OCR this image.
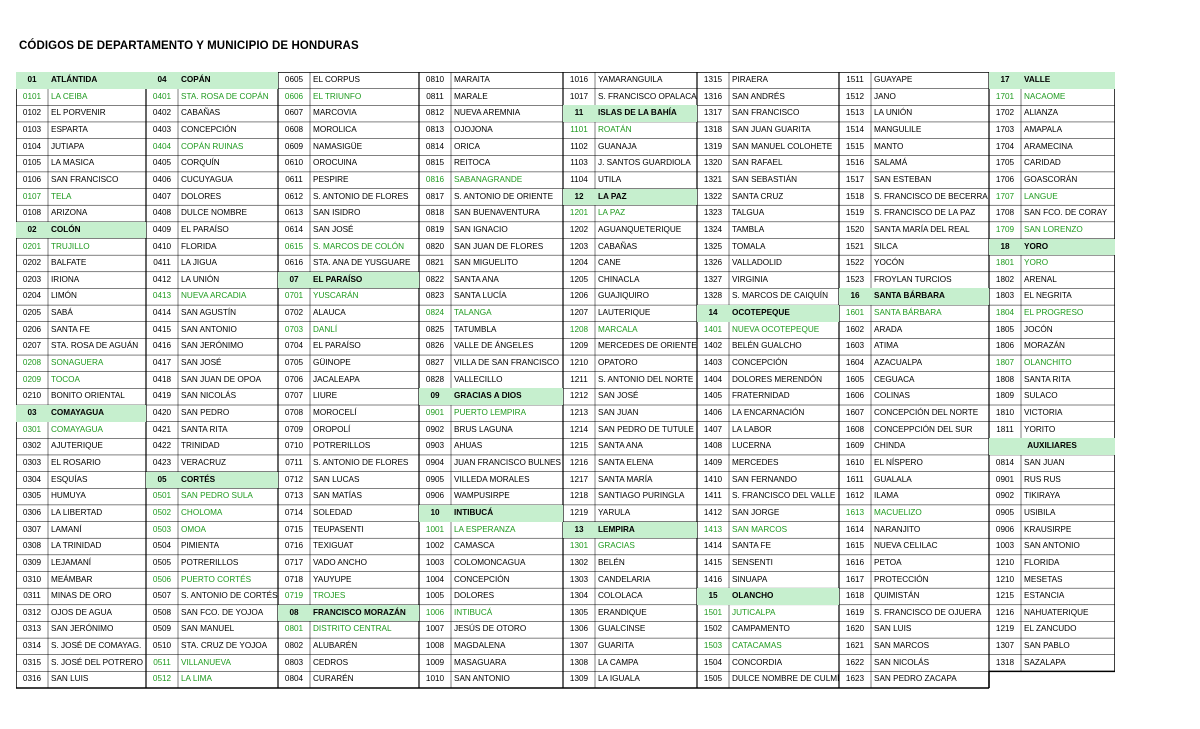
CÓDIGOS DE DEPARTAMENTO Y MUNICIPIO DE HONDURAS
01	ATLÁNTIDA
0101	LA CEIBA
0102	EL PORVENIR
0103	ESPARTA
0104	JUTIAPA
0105	LA MASICA
0106	SAN FRANCISCO
0107	TELA
0108	ARIZONA
02	COLÓN
0201	TRUJILLO
0202	BALFATE
0203	IRIONA
0204	LIMÓN
0205	SABÁ
0206	SANTA FE
0207	STA. ROSA DE AGUÁN
0208	SONAGUERA
0209	TOCOA
0210	BONITO ORIENTAL
03	COMAYAGUA
0301	COMAYAGUA
0302	AJUTERIQUE
0303	EL ROSARIO
0304	ESQUÍAS
0305	HUMUYA
0306	LA LIBERTAD
0307	LAMANÍ
0308	LA TRINIDAD
0309	LEJAMANÍ
0310	MEÁMBAR
0311	MINAS DE ORO
0312	OJOS DE AGUA
0313	SAN JERÓNIMO
0314	S. JOSÉ DE COMAYAG.
0315	S. JOSÉ DEL POTRERO
0316	SAN LUIS
04	COPÁN
0401	STA. ROSA DE COPÁN
0402	CABAÑAS
0403	CONCEPCIÓN
0404	COPÁN RUINAS
0405	CORQUÍN
0406	CUCUYAGUA
0407	DOLORES
0408	DULCE NOMBRE
0409	EL PARAÍSO
0410	FLORIDA
0411	LA JIGUA
0412	LA UNIÓN
0413	NUEVA ARCADIA
0414	SAN AGUSTÍN
0415	SAN ANTONIO
0416	SAN JERÓNIMO
0417	SAN JOSÉ
0418	SAN JUAN DE OPOA
0419	SAN NICOLÁS
0420	SAN PEDRO
0421	SANTA RITA
0422	TRINIDAD
0423	VERACRUZ
05	CORTÉS
0501	SAN PEDRO SULA
0502	CHOLOMA
0503	OMOA
0504	PIMIENTA
0505	POTRERILLOS
0506	PUERTO CORTÉS
0507	S. ANTONIO DE CORTÉS
0508	SAN FCO. DE YOJOA
0509	SAN MANUEL
0510	STA. CRUZ DE YOJOA
0511	VILLANUEVA
0512	LA LIMA
0605	EL CORPUS
0606	EL TRIUNFO
0607	MARCOVIA
0608	MOROLICA
0609	NAMASIGÜE
0610	OROCUINA
0611	PESPIRE
0612	S. ANTONIO DE FLORES
0613	SAN ISIDRO
0614	SAN JOSÉ
0615	S. MARCOS DE COLÓN
0616	STA. ANA DE YUSGUARE
07	EL PARAÍSO
0701	YUSCARÁN
0702	ALAUCA
0703	DANLÍ
0704	EL PARAÍSO
0705	GÜINOPE
0706	JACALEAPA
0707	LIURE
0708	MOROCELÍ
0709	OROPOLÍ
0710	POTRERILLOS
0711	S. ANTONIO DE FLORES
0712	SAN LUCAS
0713	SAN MATÍAS
0714	SOLEDAD
0715	TEUPASENTI
0716	TEXIGUAT
0717	VADO ANCHO
0718	YAUYUPE
0719	TROJES
08	FRANCISCO MORAZÁN
0801	DISTRITO CENTRAL
0802	ALUBARÉN
0803	CEDROS
0804	CURARÉN
0810	MARAITA
0811	MARALE
0812	NUEVA AREMNIA
0813	OJOJONA
0814	ORICA
0815	REITOCA
0816	SABANAGRANDE
0817	S. ANTONIO DE ORIENTE
0818	SAN BUENAVENTURA
0819	SAN IGNACIO
0820	SAN JUAN DE FLORES
0821	SAN MIGUELITO
0822	SANTA ANA
0823	SANTA LUCÍA
0824	TALANGA
0825	TATUMBLA
0826	VALLE DE ÁNGELES
0827	VILLA DE SAN FRANCISCO
0828	VALLECILLO
09	GRACIAS A DIOS
0901	PUERTO LEMPIRA
0902	BRUS LAGUNA
0903	AHUAS
0904	JUAN FRANCISCO BULNES
0905	VILLEDA MORALES
0906	WAMPUSIRPE
10	INTIBUCÁ
1001	LA ESPERANZA
1002	CAMASCA
1003	COLOMONCAGUA
1004	CONCEPCIÓN
1005	DOLORES
1006	INTIBUCÁ
1007	JESÚS DE OTORO
1008	MAGDALENA
1009	MASAGUARA
1010	SAN ANTONIO
1016	YAMARANGUILA
1017	S. FRANCISCO OPALACA
11	ISLAS DE LA BAHÍA
1101	ROATÁN
1102	GUANAJA
1103	J. SANTOS GUARDIOLA
1104	UTILA
12	LA PAZ
1201	LA PAZ
1202	AGUANQUETERIQUE
1203	CABAÑAS
1204	CANE
1205	CHINACLA
1206	GUAJIQUIRO
1207	LAUTERIQUE
1208	MARCALA
1209	MERCEDES DE ORIENTE
1210	OPATORO
1211	S. ANTONIO DEL NORTE
1212	SAN JOSÉ
1213	SAN JUAN
1214	SAN PEDRO DE TUTULE
1215	SANTA ANA
1216	SANTA ELENA
1217	SANTA MARÍA
1218	SANTIAGO PURINGLA
1219	YARULA
13	LEMPIRA
1301	GRACIAS
1302	BELÉN
1303	CANDELARIA
1304	COLOLACA
1305	ERANDIQUE
1306	GUALCINSE
1307	GUARITA
1308	LA CAMPA
1309	LA IGUALA
1315	PIRAERA
1316	SAN ANDRÉS
1317	SAN FRANCISCO
1318	SAN JUAN GUARITA
1319	SAN MANUEL COLOHETE
1320	SAN RAFAEL
1321	SAN SEBASTIÁN
1322	SANTA CRUZ
1323	TALGUA
1324	TAMBLA
1325	TOMALA
1326	VALLADOLID
1327	VIRGINIA
1328	S. MARCOS DE CAIQUÍN
14	OCOTEPEQUE
1401	NUEVA OCOTEPEQUE
1402	BELÉN GUALCHO
1403	CONCEPCIÓN
1404	DOLORES MERENDÓN
1405	FRATERNIDAD
1406	LA ENCARNACIÓN
1407	LA LABOR
1408	LUCERNA
1409	MERCEDES
1410	SAN FERNANDO
1411	S. FRANCISCO DEL VALLE
1412	SAN JORGE
1413	SAN MARCOS
1414	SANTA FE
1415	SENSENTI
1416	SINUAPA
15	OLANCHO
1501	JUTICALPA
1502	CAMPAMENTO
1503	CATACAMAS
1504	CONCORDIA
1505	DULCE NOMBRE DE CULMÍ
1511	GUAYAPE
1512	JANO
1513	LA UNIÓN
1514	MANGULILE
1515	MANTO
1516	SALAMÁ
1517	SAN ESTEBAN
1518	S. FRANCISCO DE BECERRA
1519	S. FRANCISCO DE LA PAZ
1520	SANTA MARÍA DEL REAL
1521	SILCA
1522	YOCÓN
1523	FROYLAN TURCIOS
16	SANTA BÁRBARA
1601	SANTA BÁRBARA
1602	ARADA
1603	ATIMA
1604	AZACUALPA
1605	CEGUACA
1606	COLINAS
1607	CONCEPCIÓN DEL NORTE
1608	CONCEPPCIÓN DEL SUR
1609	CHINDA
1610	EL NÍSPERO
1611	GUALALA
1612	ILAMA
1613	MACUELIZO
1614	NARANJITO
1615	NUEVA CELILAC
1616	PETOA
1617	PROTECCIÓN
1618	QUIMISTÁN
1619	S. FRANCISCO DE OJUERA
1620	SAN LUIS
1621	SAN MARCOS
1622	SAN NICOLÁS
1623	SAN PEDRO ZACAPA
17	VALLE
1701	NACAOME
1702	ALIANZA
1703	AMAPALA
1704	ARAMECINA
1705	CARIDAD
1706	GOASCORÁN
1707	LANGUE
1708	SAN FCO. DE CORAY
1709	SAN LORENZO
18	YORO
1801	YORO
1802	ARENAL
1803	EL NEGRITA
1804	EL PROGRESO
1805	JOCÓN
1806	MORAZÁN
1807	OLANCHITO
1808	SANTA RITA
1809	SULACO
1810	VICTORIA
1811	YORITO
AUXILIARES
0814	SAN JUAN
0901	RUS RUS
0902	TIKIRAYA
0905	USIBILA
0906	KRAUSIRPE
1003	SAN ANTONIO
1210	FLORIDA
1210	MESETAS
1215	ESTANCIA
1216	NAHUATERIQUE
1219	EL ZANCUDO
1307	SAN PABLO
1318	SAZALAPA
